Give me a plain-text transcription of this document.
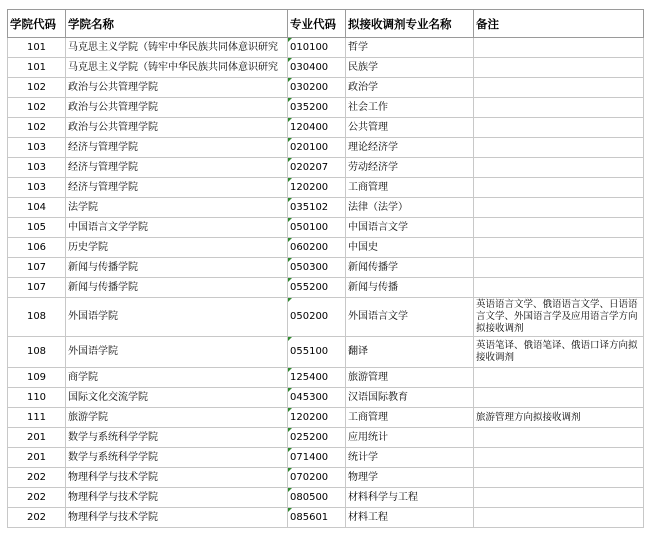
学院代码	学院名称	专业代码	拟接收调剂专业名称	备注
101	马克思主义学院（铸牢中华民族共同体意识研究	010100	哲学	
101	马克思主义学院（铸牢中华民族共同体意识研究	030400	民族学	
102	政治与公共管理学院	030200	政治学	
102	政治与公共管理学院	035200	社会工作	
102	政治与公共管理学院	120400	公共管理	
103	经济与管理学院	020100	理论经济学	
103	经济与管理学院	020207	劳动经济学	
103	经济与管理学院	120200	工商管理	
104	法学院	035102	法律（法学）	
105	中国语言文学学院	050100	中国语言文学	
106	历史学院	060200	中国史	
107	新闻与传播学院	050300	新闻传播学	
107	新闻与传播学院	055200	新闻与传播	
108	外国语学院	050200	外国语言文学	英语语言文学、俄语语言文学、日语语言文学、外国语言学及应用语言学方向拟接收调剂
108	外国语学院	055100	翻译	英语笔译、俄语笔译、俄语口译方向拟接收调剂
109	商学院	125400	旅游管理	
110	国际文化交流学院	045300	汉语国际教育	
111	旅游学院	120200	工商管理	旅游管理方向拟接收调剂
201	数学与系统科学学院	025200	应用统计	
201	数学与系统科学学院	071400	统计学	
202	物理科学与技术学院	070200	物理学	
202	物理科学与技术学院	080500	材料科学与工程	
202	物理科学与技术学院	085601	材料工程	
